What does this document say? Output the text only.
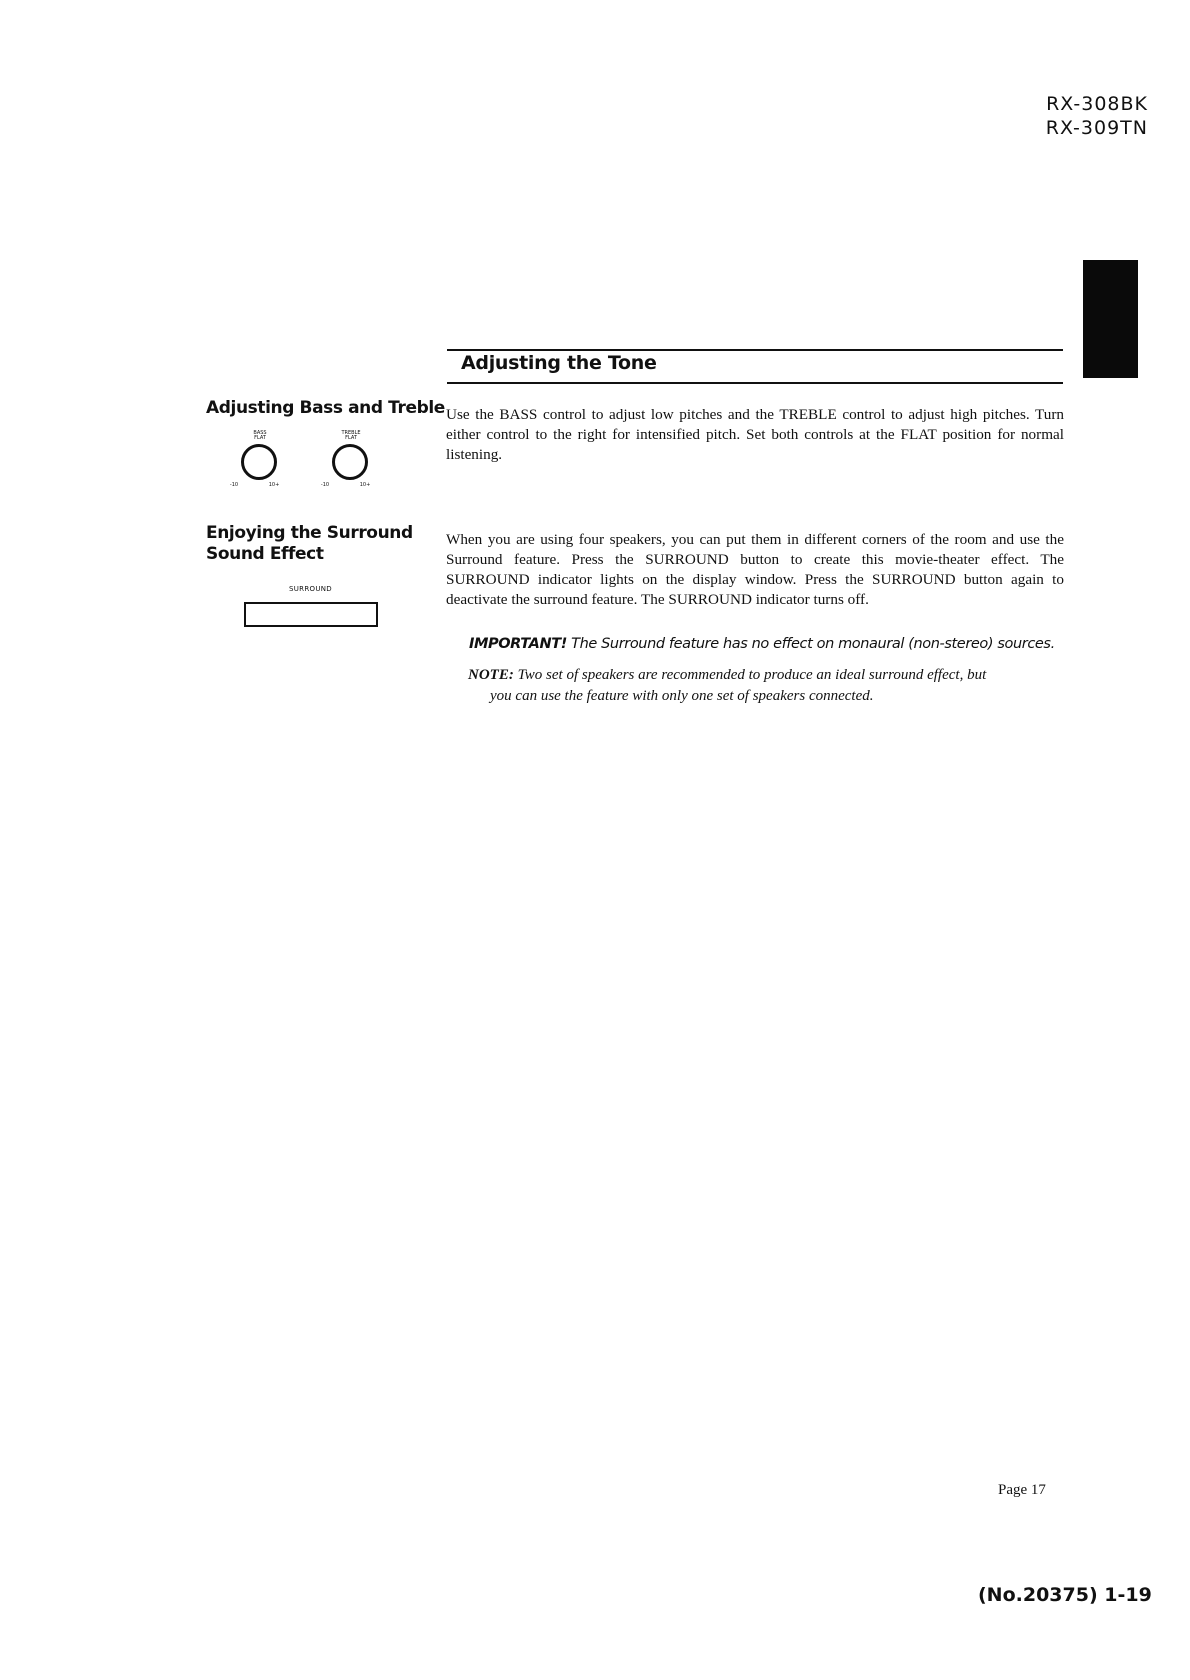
RX-308BK
RX-309TN
Adjusting the Tone
Adjusting Bass and Treble
BASS
FLAT
-10	10+
TREBLE
FLAT
-10	10+
Use the BASS control to adjust low pitches and the TREBLE control to adjust high pitches. Turn either control to the right for intensified pitch. Set both controls at the FLAT position for normal listening.
Enjoying the Surround
Sound Effect
SURROUND
When you are using four speakers, you can put them in different corners of the room and use the Surround feature. Press the SURROUND button to create this movie-theater effect. The SURROUND indicator lights on the display window. Press the SURROUND button again to deactivate the surround feature. The SURROUND indicator turns off.
IMPORTANT! The Surround feature has no effect on monaural (non-stereo) sources.
NOTE: Two set of speakers are recommended to produce an ideal surround effect, but
you can use the feature with only one set of speakers connected.
Page 17
(No.20375) 1-19
